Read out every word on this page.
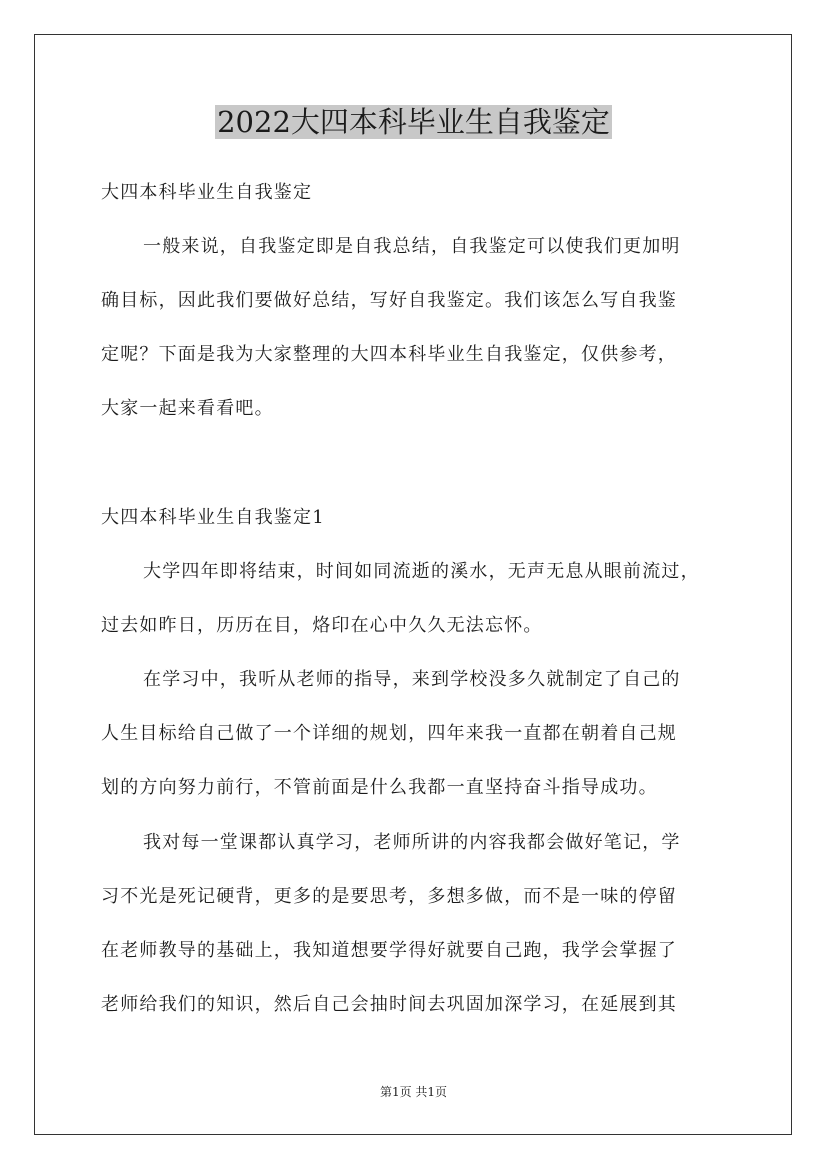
2022大四本科毕业生自我鉴定
大四本科毕业生自我鉴定
一般来说，自我鉴定即是自我总结，自我鉴定可以使我们更加明
确目标，因此我们要做好总结，写好自我鉴定。我们该怎么写自我鉴
定呢？下面是我为大家整理的大四本科毕业生自我鉴定，仅供参考，
大家一起来看看吧。
大四本科毕业生自我鉴定1
大学四年即将结束，时间如同流逝的溪水，无声无息从眼前流过，
过去如昨日，历历在目，烙印在心中久久无法忘怀。
在学习中，我听从老师的指导，来到学校没多久就制定了自己的
人生目标给自己做了一个详细的规划，四年来我一直都在朝着自己规
划的方向努力前行，不管前面是什么我都一直坚持奋斗指导成功。
我对每一堂课都认真学习，老师所讲的内容我都会做好笔记，学
习不光是死记硬背，更多的是要思考，多想多做，而不是一味的停留
在老师教导的基础上，我知道想要学得好就要自己跑，我学会掌握了
老师给我们的知识，然后自己会抽时间去巩固加深学习，在延展到其
第1页 共1页
